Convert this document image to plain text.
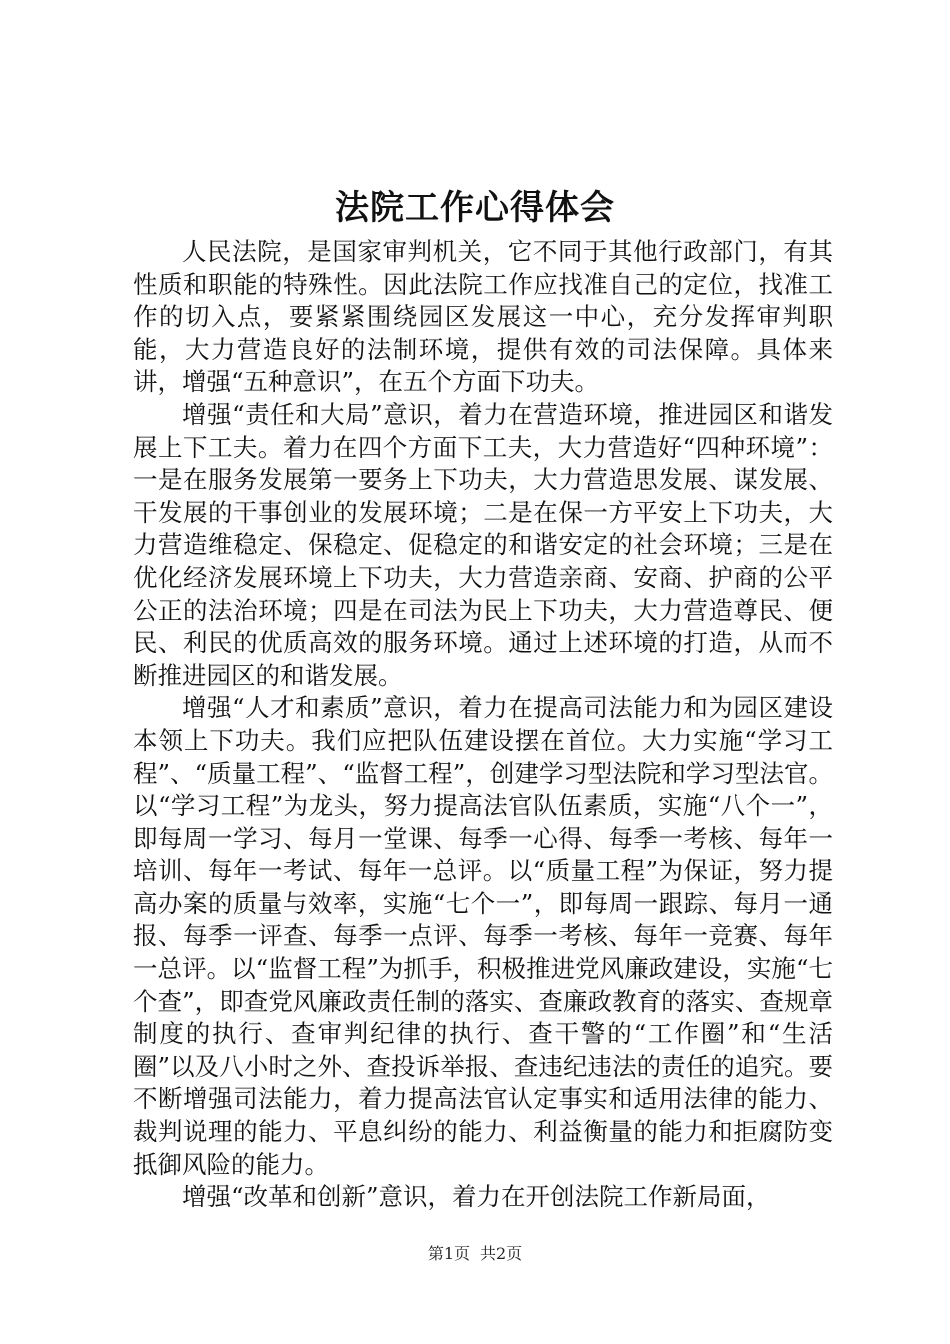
法院工作心得体会

人民法院，是国家审判机关，它不同于其他行政部门，有其性质和职能的特殊性。因此法院工作应找准自己的定位，找准工作的切入点，要紧紧围绕园区发展这一中心，充分发挥审判职能，大力营造良好的法制环境，提供有效的司法保障。具体来讲，增强“五种意识”，在五个方面下功夫。

增强“责任和大局”意识，着力在营造环境，推进园区和谐发展上下工夫。着力在四个方面下工夫，大力营造好“四种环境”：一是在服务发展第一要务上下功夫，大力营造思发展、谋发展、干发展的干事创业的发展环境；二是在保一方平安上下功夫，大力营造维稳定、保稳定、促稳定的和谐安定的社会环境；三是在优化经济发展环境上下功夫，大力营造亲商、安商、护商的公平公正的法治环境；四是在司法为民上下功夫，大力营造尊民、便民、利民的优质高效的服务环境。通过上述环境的打造，从而不断推进园区的和谐发展。

增强“人才和素质”意识，着力在提高司法能力和为园区建设本领上下功夫。我们应把队伍建设摆在首位。大力实施“学习工程”、“质量工程”、“监督工程”，创建学习型法院和学习型法官。以“学习工程”为龙头，努力提高法官队伍素质，实施“八个一”，即每周一学习、每月一堂课、每季一心得、每季一考核、每年一培训、每年一考试、每年一总评。以“质量工程”为保证，努力提高办案的质量与效率，实施“七个一”，即每周一跟踪、每月一通报、每季一评查、每季一点评、每季一考核、每年一竞赛、每年一总评。以“监督工程”为抓手，积极推进党风廉政建设，实施“七个查”，即查党风廉政责任制的落实、查廉政教育的落实、查规章制度的执行、查审判纪律的执行、查干警的“工作圈”和“生活圈”以及八小时之外、查投诉举报、查违纪违法的责任的追究。要不断增强司法能力，着力提高法官认定事实和适用法律的能力、裁判说理的能力、平息纠纷的能力、利益衡量的能力和拒腐防变抵御风险的能力。

增强“改革和创新”意识，着力在开创法院工作新局面，

第1页 共2页
